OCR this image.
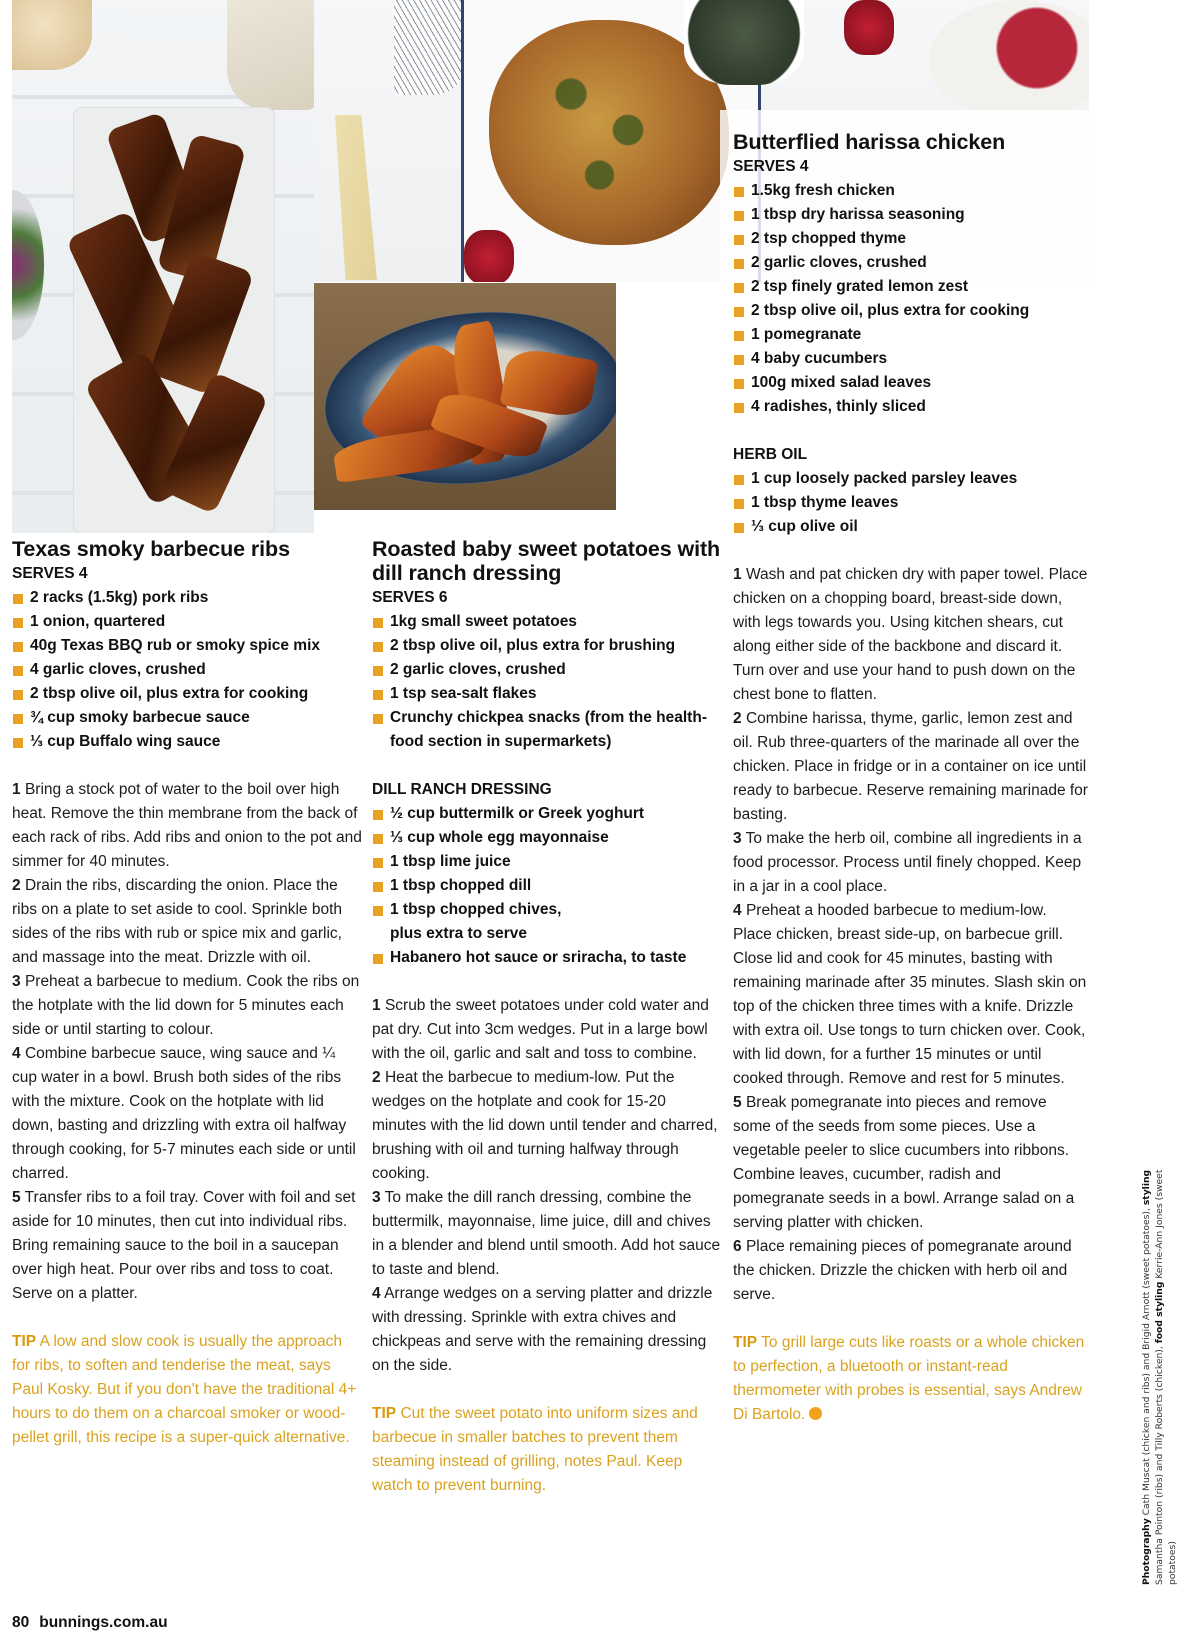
Texas smoky barbecue ribs
SERVES 4
2 racks (1.5kg) pork ribs
1 onion, quartered
40g Texas BBQ rub or smoky spice mix
4 garlic cloves, crushed
2 tbsp olive oil, plus extra for cooking
¾ cup smoky barbecue sauce
⅓ cup Buffalo wing sauce

1 Bring a stock pot of water to the boil over high heat. Remove the thin membrane from the back of each rack of ribs. Add ribs and onion to the pot and simmer for 40 minutes.

2 Drain the ribs, discarding the onion. Place the ribs on a plate to set aside to cool. Sprinkle both sides of the ribs with rub or spice mix and garlic, and massage into the meat. Drizzle with oil.

3 Preheat a barbecue to medium. Cook the ribs on the hotplate with the lid down for 5 minutes each side or until starting to colour.

4 Combine barbecue sauce, wing sauce and ¼ cup water in a bowl. Brush both sides of the ribs with the mixture. Cook on the hotplate with lid down, basting and drizzling with extra oil halfway through cooking, for 5-7 minutes each side or until charred.

5 Transfer ribs to a foil tray. Cover with foil and set aside for 10 minutes, then cut into individual ribs. Bring remaining sauce to the boil in a saucepan over high heat. Pour over ribs and toss to coat. Serve on a platter.

TIP A low and slow cook is usually the approach for ribs, to soften and tenderise the meat, says Paul Kosky. But if you don't have the traditional 4+ hours to do them on a charcoal smoker or wood-pellet grill, this recipe is a super-quick alternative.

Roasted baby sweet potatoes with dill ranch dressing
SERVES 6
1kg small sweet potatoes
2 tbsp olive oil, plus extra for brushing
2 garlic cloves, crushed
1 tsp sea-salt flakes
Crunchy chickpea snacks (from the health-food section in supermarkets)
DILL RANCH DRESSING
½ cup buttermilk or Greek yoghurt
⅓ cup whole egg mayonnaise
1 tbsp lime juice
1 tbsp chopped dill
1 tbsp chopped chives, plus extra to serve
Habanero hot sauce or sriracha, to taste

1 Scrub the sweet potatoes under cold water and pat dry. Cut into 3cm wedges. Put in a large bowl with the oil, garlic and salt and toss to combine.

2 Heat the barbecue to medium-low. Put the wedges on the hotplate and cook for 15-20 minutes with the lid down until tender and charred, brushing with oil and turning halfway through cooking.

3 To make the dill ranch dressing, combine the buttermilk, mayonnaise, lime juice, dill and chives in a blender and blend until smooth. Add hot sauce to taste and blend.

4 Arrange wedges on a serving platter and drizzle with dressing. Sprinkle with extra chives and chickpeas and serve with the remaining dressing on the side.

TIP Cut the sweet potato into uniform sizes and barbecue in smaller batches to prevent them steaming instead of grilling, notes Paul. Keep watch to prevent burning.

Butterflied harissa chicken
SERVES 4
1.5kg fresh chicken
1 tbsp dry harissa seasoning
2 tsp chopped thyme
2 garlic cloves, crushed
2 tsp finely grated lemon zest
2 tbsp olive oil, plus extra for cooking
1 pomegranate
4 baby cucumbers
100g mixed salad leaves
4 radishes, thinly sliced
HERB OIL
1 cup loosely packed parsley leaves
1 tbsp thyme leaves
⅓ cup olive oil

1 Wash and pat chicken dry with paper towel. Place chicken on a chopping board, breast-side down, with legs towards you. Using kitchen shears, cut along either side of the backbone and discard it. Turn over and use your hand to push down on the chest bone to flatten.

2 Combine harissa, thyme, garlic, lemon zest and oil. Rub three-quarters of the marinade all over the chicken. Place in fridge or in a container on ice until ready to barbecue. Reserve remaining marinade for basting.

3 To make the herb oil, combine all ingredients in a food processor. Process until finely chopped. Keep in a jar in a cool place.

4 Preheat a hooded barbecue to medium-low. Place chicken, breast side-up, on barbecue grill. Close lid and cook for 45 minutes, basting with remaining marinade after 35 minutes. Slash skin on top of the chicken three times with a knife. Drizzle with extra oil. Use tongs to turn chicken over. Cook, with lid down, for a further 15 minutes or until cooked through. Remove and rest for 5 minutes.

5 Break pomegranate into pieces and remove some of the seeds from some pieces. Use a vegetable peeler to slice cucumbers into ribbons. Combine leaves, cucumber, radish and pomegranate seeds in a bowl. Arrange salad on a serving platter with chicken.

6 Place remaining pieces of pomegranate around the chicken. Drizzle the chicken with herb oil and serve.

TIP To grill large cuts like roasts or a whole chicken to perfection, a bluetooth or instant-read thermometer with probes is essential, says Andrew Di Bartolo.

Photography Cath Muscat (chicken and ribs) and Brigid Arnott (sweet potatoes), styling Samantha Pointon (ribs) and Tilly Roberts (chicken), food styling Kerrie-Ann Jones (sweet potatoes)
80 bunnings.com.au
